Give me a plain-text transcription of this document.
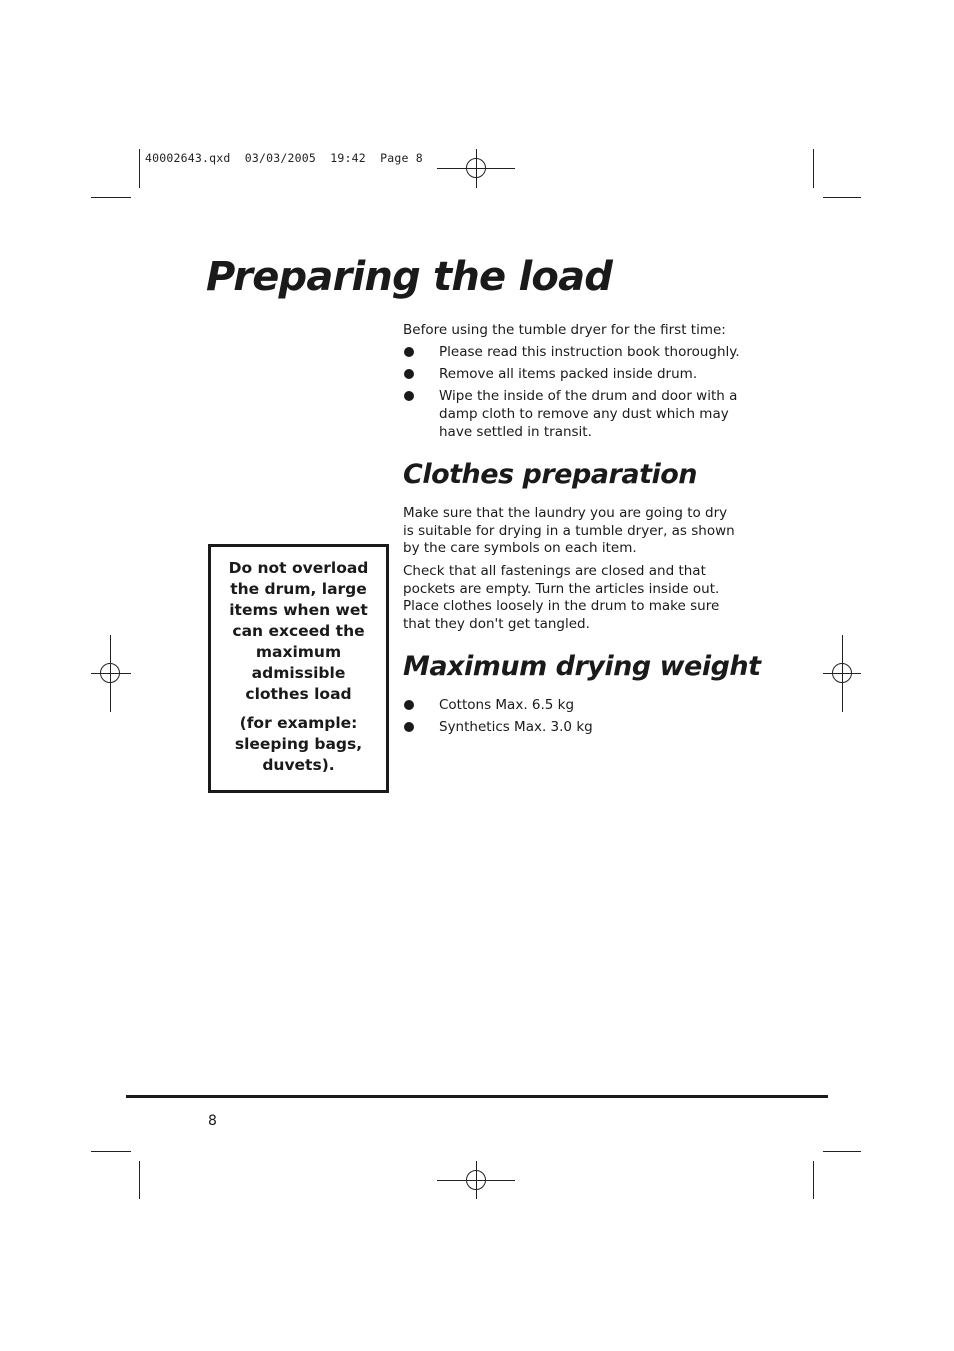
40002643.qxd  03/03/2005  19:42  Page 8
Preparing the load
Before using the tumble dryer for the first time:
Please read this instruction book thoroughly.
Remove all items packed inside drum.
Wipe the inside of the drum and door with a damp cloth to remove any dust which may have settled in transit.
Clothes preparation

Make sure that the laundry you are going to dry is suitable for drying in a tumble dryer, as shown by the care symbols on each item.

Check that all fastenings are closed and that pockets are empty. Turn the articles inside out. Place clothes loosely in the drum to make sure that they don't get tangled.

Maximum drying weight
Cottons Max. 6.5 kg
Synthetics Max. 3.0 kg

Do not overload the drum, large items when wet can exceed the maximum admissible clothes load

(for example: sleeping bags, duvets).

8
